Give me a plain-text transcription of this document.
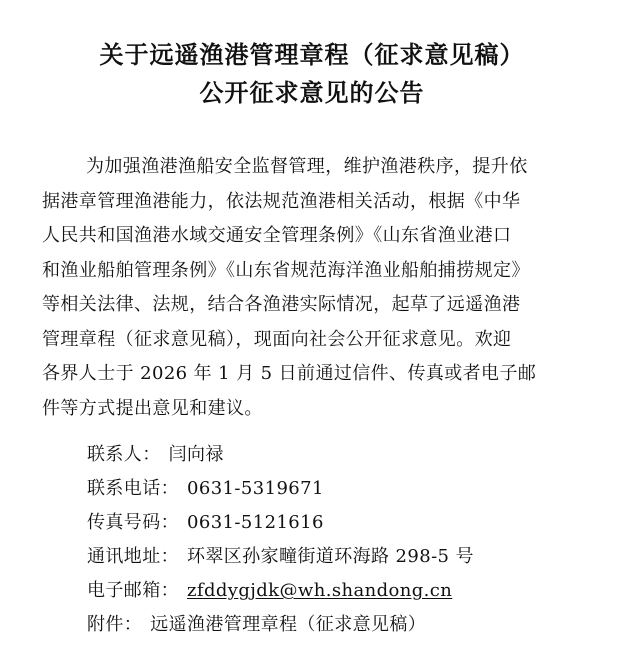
关于远遥渔港管理章程（征求意见稿）
公开征求意见的公告
为加强渔港渔船安全监督管理，维护渔港秩序，提升依
据港章管理渔港能力，依法规范渔港相关活动，根据《中华
人民共和国渔港水域交通安全管理条例》《山东省渔业港口
和渔业船舶管理条例》《山东省规范海洋渔业船舶捕捞规定》
等相关法律、法规，结合各渔港实际情况，起草了远遥渔港
管理章程（征求意见稿），现面向社会公开征求意见。欢迎
各界人士于 2026 年 1 月 5 日前通过信件、传真或者电子邮
件等方式提出意见和建议。
联系人： 闫向禄
联系电话： 0631-5319671
传真号码： 0631-5121616
通讯地址： 环翠区孙家疃街道环海路 298-5 号
电子邮箱： zfddygjdk@wh.shandong.cn
附件： 远遥渔港管理章程（征求意见稿）
